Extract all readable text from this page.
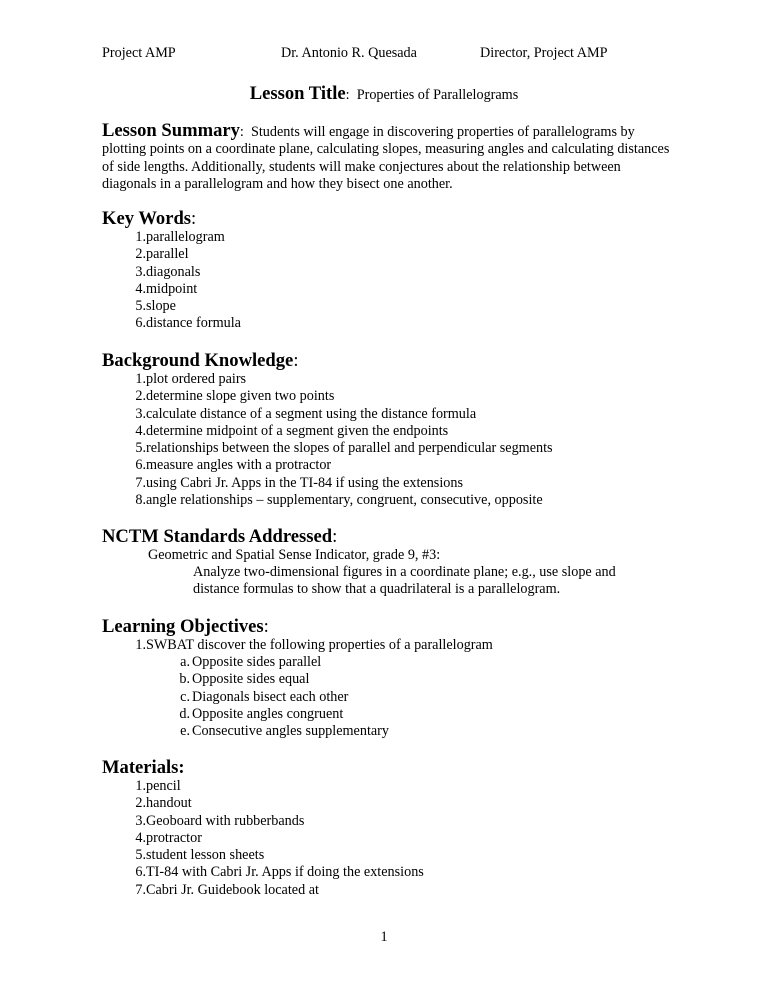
Project AMP	Dr. Antonio R. Quesada	Director, Project AMP
Lesson Title: Properties of Parallelograms
Lesson Summary: Students will engage in discovering properties of parallelograms by plotting points on a coordinate plane, calculating slopes, measuring angles and calculating distances of side lengths. Additionally, students will make conjectures about the relationship between diagonals in a parallelogram and how they bisect one another.
Key Words:
1. parallelogram
2. parallel
3. diagonals
4. midpoint
5. slope
6. distance formula
Background Knowledge:
1. plot ordered pairs
2. determine slope given two points
3. calculate distance of a segment using the distance formula
4. determine midpoint of a segment given the endpoints
5. relationships between the slopes of parallel and perpendicular segments
6. measure angles with a protractor
7. using Cabri Jr. Apps in the TI-84 if using the extensions
8. angle relationships – supplementary, congruent, consecutive, opposite
NCTM Standards Addressed:
Geometric and Spatial Sense Indicator, grade 9, #3:
Analyze two-dimensional figures in a coordinate plane; e.g., use slope and
distance formulas to show that a quadrilateral is a parallelogram.
Learning Objectives:
1. SWBAT discover the following properties of a parallelogram
a. Opposite sides parallel
b. Opposite sides equal
c. Diagonals bisect each other
d. Opposite angles congruent
e. Consecutive angles supplementary
Materials:
1. pencil
2. handout
3. Geoboard with rubberbands
4. protractor
5. student lesson sheets
6. TI-84 with Cabri Jr. Apps if doing the extensions
7. Cabri Jr. Guidebook located at
1
